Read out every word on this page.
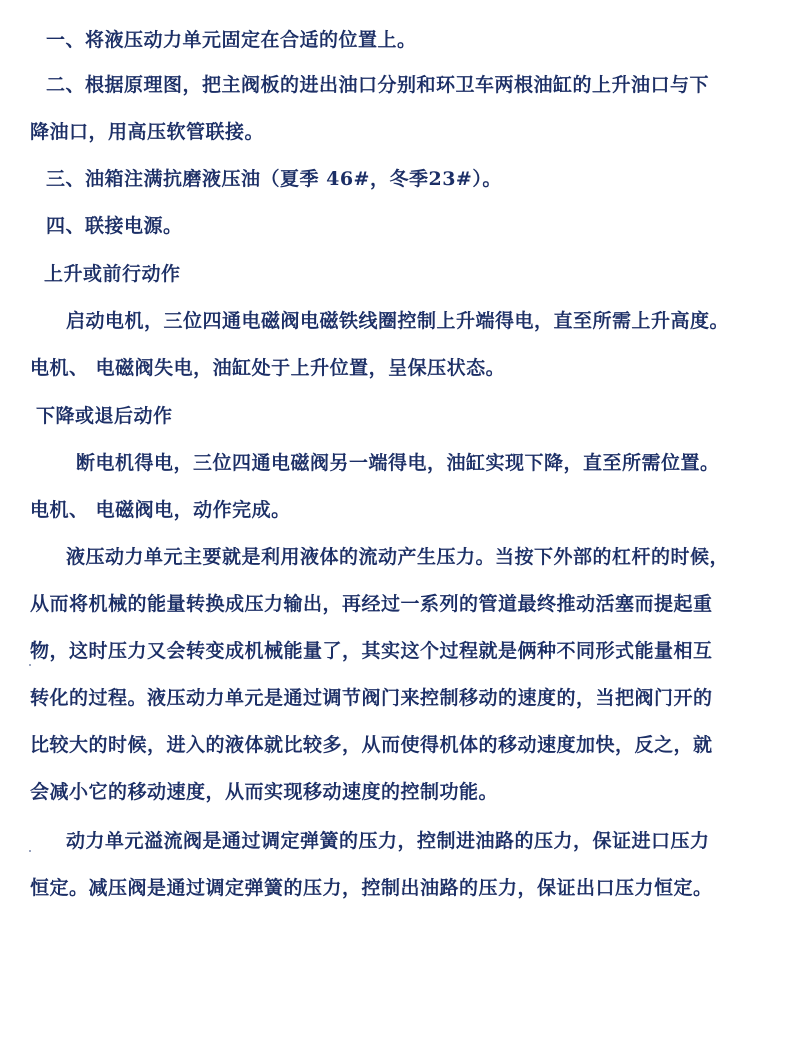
一、将液压动力单元固定在合适的位置上。

二、根据原理图，把主阀板的进出油口分别和环卫车两根油缸的上升油口与下

降油口，用高压软管联接。

三、油箱注满抗磨液压油（夏季 46#，冬季23#）。

四、联接电源。

上升或前行动作

启动电机，三位四通电磁阀电磁铁线圈控制上升端得电，直至所需上升高度。

电机、 电磁阀失电，油缸处于上升位置，呈保压状态。

下降或退后动作

断电机得电，三位四通电磁阀另一端得电，油缸实现下降，直至所需位置。

电机、 电磁阀电，动作完成。

液压动力单元主要就是利用液体的流动产生压力。当按下外部的杠杆的时候，

从而将机械的能量转换成压力输出，再经过一系列的管道最终推动活塞而提起重

物，这时压力又会转变成机械能量了，其实这个过程就是俩种不同形式能量相互

转化的过程。液压动力单元是通过调节阀门来控制移动的速度的，当把阀门开的

比较大的时候，进入的液体就比较多，从而使得机体的移动速度加快，反之，就

会减小它的移动速度，从而实现移动速度的控制功能。

动力单元溢流阀是通过调定弹簧的压力，控制进油路的压力，保证进口压力

恒定。减压阀是通过调定弹簧的压力，控制出油路的压力，保证出口压力恒定。
